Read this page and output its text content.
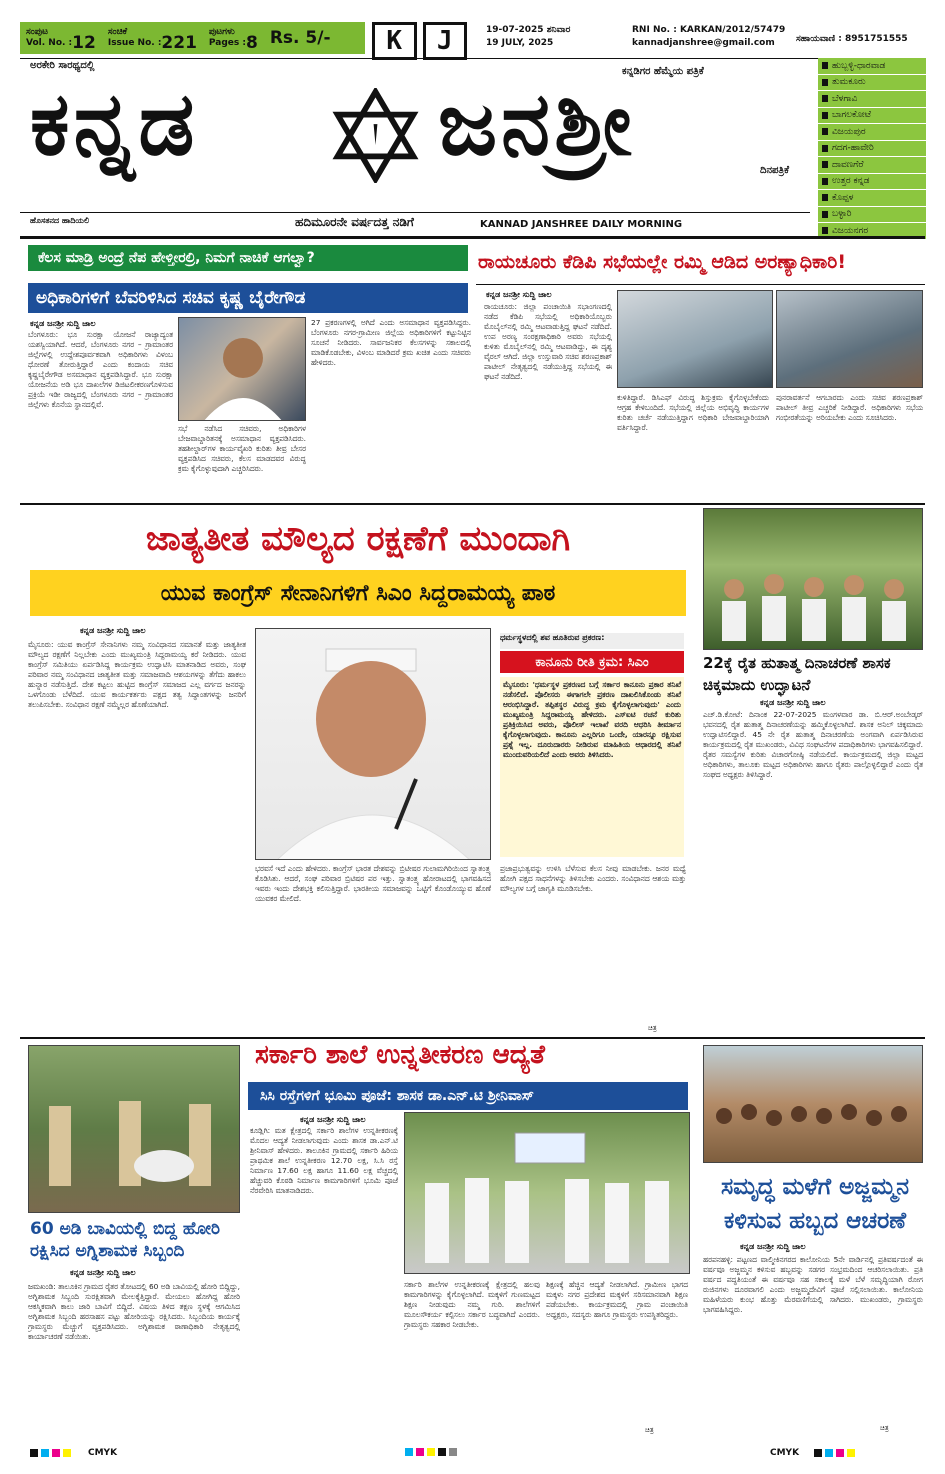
ಸಂಪುಟ
Vol. No. : 12
ಸಂಚಿಕೆ
Issue No. : 221
ಪುಟಗಳು
Pages : 8 Rs. 5/-	K	J	19-07-2025 ಶನಿವಾರ
19 JULY, 2025
RNI No. : KARKAN/2012/57479
kannadjanshree@gmail.com	ಸಹಾಯವಾಣಿ : 8951751555
ಅರಕೇರಿ ಸಾರಥ್ಯದಲ್ಲಿ
ಕನ್ನಡಿಗರ ಹೆಮ್ಮೆಯ ಪತ್ರಿಕೆ
ಕನ್ನಡ	ಜನಶ್ರೀ	ದಿನಪತ್ರಿಕೆ
ಹುಬ್ಬಳ್ಳಿ-ಧಾರವಾಡ
ತುಮಕೂರು
ಬೆಳಗಾವಿ
ಬಾಗಲಕೋಟೆ
ವಿಜಯಪುರ
ಗದಗ-ಹಾವೇರಿ
ದಾವಣಗೆರೆ
ಉತ್ತರ ಕನ್ನಡ
ಕೊಪ್ಪಳ
ಬಳ್ಳಾರಿ
ವಿಜಯನಗರ
ಹೊಸತನದ ಹಾದಿಯಲಿ	ಹದಿಮೂರನೇ ವರ್ಷದತ್ತ ನಡಿಗೆ	KANNAD JANSHREE DAILY MORNING
ಕೆಲಸ ಮಾಡ್ರಿ ಅಂದ್ರೆ ನೆಪ ಹೇಳ್ತೀರಲ್ರಿ, ನಿಮಗೆ ನಾಚಿಕೆ ಆಗಲ್ವಾ?
ಅಧಿಕಾರಿಗಳಿಗೆ ಬೆವರಿಳಿಸಿದ ಸಚಿವ ಕೃಷ್ಣ ಬೈರೇಗೌಡ
ಕನ್ನಡ ಜನಶ್ರೀ ಸುದ್ದಿ ಜಾಲ
ಬೆಂಗಳೂರು: ಭೂ ಸುರಕ್ಷಾ ಯೋಜನೆ ರಾಜ್ಯಾದ್ಯಂತ ಯಶಸ್ವಿಯಾಗಿದೆ. ಆದರೆ, ಬೆಂಗಳೂರು ನಗರ – ಗ್ರಾಮಾಂತರ ಜಿಲ್ಲೆಗಳಲ್ಲಿ ಉದ್ದೇಶಪೂರ್ವಕವಾಗಿ ಅಧಿಕಾರಿಗಳು ವಿಳಂಬ ಧೋರಣೆ ತೋರುತ್ತಿದ್ದಾರೆ ಎಂದು ಕಂದಾಯ ಸಚಿವ ಕೃಷ್ಣಬೈರೇಗೌಡ ಅಸಮಾಧಾನ ವ್ಯಕ್ತಪಡಿಸಿದ್ದಾರೆ. ಭೂ ಸುರಕ್ಷಾ ಯೋಜನೆಯ ಅಡಿ ಭೂ ದಾಖಲೆಗಳ ಡಿಜಿಟಲೀಕರಣಗೊಳಿಸುವ ಪ್ರಕ್ರಿಯೆ ಇಡೀ ರಾಜ್ಯದಲ್ಲಿ ಬೆಂಗಳೂರು ನಗರ – ಗ್ರಾಮಾಂತರ ಜಿಲ್ಲೆಗಳು ಕೊನೆಯ ಸ್ಥಾನದಲ್ಲಿವೆ.
ಸಭೆ ನಡೆಸಿದ ಸಚಿವರು, ಅಧಿಕಾರಿಗಳ ಬೇಜವಾಬ್ದಾರಿತನಕ್ಕೆ ಅಸಮಾಧಾನ ವ್ಯಕ್ತಪಡಿಸಿದರು. ತಹಶೀಲ್ದಾರ್‌ಗಳ ಕಾರ್ಯವೈಖರಿ ಕುರಿತು ತೀವ್ರ ಬೇಸರ ವ್ಯಕ್ತಪಡಿಸಿದ ಸಚಿವರು, ಕೆಲಸ ಮಾಡದವರ ವಿರುದ್ಧ ಕ್ರಮ ಕೈಗೊಳ್ಳುವುದಾಗಿ ಎಚ್ಚರಿಸಿದರು.
27 ಪ್ರಕರಣಗಳಲ್ಲಿ ಅಗಿದೆ ಎಂದು ಅಸಮಾಧಾನ ವ್ಯಕ್ತಪಡಿಸಿದ್ದರು. ಬೆಂಗಳೂರು ನಗರ-ಗ್ರಾಮೀಣ ಜಿಲ್ಲೆಯ ಅಧಿಕಾರಿಗಳಿಗೆ ಕಟ್ಟುನಿಟ್ಟಿನ ಸೂಚನೆ ನೀಡಿದರು. ಸಾರ್ವಜನಿಕರ ಕೆಲಸಗಳನ್ನು ಸಕಾಲದಲ್ಲಿ ಮಾಡಿಕೊಡಬೇಕು, ವಿಳಂಬ ಮಾಡಿದರೆ ಕ್ರಮ ಖಚಿತ ಎಂದು ಸಚಿವರು ಹೇಳಿದರು.
ರಾಯಚೂರು ಕೆಡಿಪಿ ಸಭೆಯಲ್ಲೇ ರಮ್ಮಿ ಆಡಿದ ಅರಣ್ಯಾಧಿಕಾರಿ!
ಕನ್ನಡ ಜನಶ್ರೀ ಸುದ್ದಿ ಜಾಲ
ರಾಯಚೂರು: ಜಿಲ್ಲಾ ಪಂಚಾಯಿತಿ ಸಭಾಂಗಣದಲ್ಲಿ ನಡೆದ ಕೆಡಿಪಿ ಸಭೆಯಲ್ಲಿ ಅಧಿಕಾರಿಯೊಬ್ಬರು ಮೊಬೈಲ್‌ನಲ್ಲಿ ರಮ್ಮಿ ಆಟವಾಡುತ್ತಿದ್ದ ಘಟನೆ ನಡೆದಿದೆ. ಉಪ ಅರಣ್ಯ ಸಂರಕ್ಷಣಾಧಿಕಾರಿ ಅವರು ಸಭೆಯಲ್ಲಿ ಕುಳಿತು ಮೊಬೈಲ್‌ನಲ್ಲಿ ರಮ್ಮಿ ಆಟವಾಡಿದ್ದು, ಈ ದೃಶ್ಯ ವೈರಲ್ ಆಗಿದೆ. ಜಿಲ್ಲಾ ಉಸ್ತುವಾರಿ ಸಚಿವ ಶರಣಪ್ರಕಾಶ್ ಪಾಟೀಲ್ ನೇತೃತ್ವದಲ್ಲಿ ನಡೆಯುತ್ತಿದ್ದ ಸಭೆಯಲ್ಲಿ ಈ ಘಟನೆ ನಡೆದಿದೆ.
ಕುಳಿತಿದ್ದಾರೆ. ಡಿಸಿಎಫ್ ವಿರುದ್ಧ ಶಿಸ್ತುಕ್ರಮ ಕೈಗೊಳ್ಳಬೇಕೆಂದು ಆಗ್ರಹ ಕೇಳಿಬಂದಿದೆ. ಸಭೆಯಲ್ಲಿ ಜಿಲ್ಲೆಯ ಅಭಿವೃದ್ಧಿ ಕಾರ್ಯಗಳ ಕುರಿತು ಚರ್ಚೆ ನಡೆಯುತ್ತಿದ್ದಾಗ ಅಧಿಕಾರಿ ಬೇಜವಾಬ್ದಾರಿಯಾಗಿ ವರ್ತಿಸಿದ್ದಾರೆ.
ಪುನರಾವರ್ತನೆ ಆಗಬಾರದು ಎಂದು ಸಚಿವ ಶರಣಪ್ರಕಾಶ್ ಪಾಟೀಲ್ ತೀವ್ರ ಎಚ್ಚರಿಕೆ ನೀಡಿದ್ದಾರೆ. ಅಧಿಕಾರಿಗಳು ಸಭೆಯ ಗಂಭೀರತೆಯನ್ನು ಅರಿಯಬೇಕು ಎಂದು ಸೂಚಿಸಿದರು.
ಜಾತ್ಯತೀತ ಮೌಲ್ಯದ ರಕ್ಷಣೆಗೆ ಮುಂದಾಗಿ
ಯುವ ಕಾಂಗ್ರೆಸ್ ಸೇನಾನಿಗಳಿಗೆ ಸಿಎಂ ಸಿದ್ದರಾಮಯ್ಯ ಪಾಠ
ಕನ್ನಡ ಜನಶ್ರೀ ಸುದ್ದಿ ಜಾಲ
ಮೈಸೂರು: ಯುವ ಕಾಂಗ್ರೆಸ್ ಸೇನಾನಿಗಳು ನಮ್ಮ ಸಂವಿಧಾನದ ಸಮಾನತೆ ಮತ್ತು ಜಾತ್ಯತೀತ ಮೌಲ್ಯದ ರಕ್ಷಣೆಗೆ ನಿಲ್ಲಬೇಕು ಎಂದು ಮುಖ್ಯಮಂತ್ರಿ ಸಿದ್ದರಾಮಯ್ಯ ಕರೆ ನೀಡಿದರು. ಯುವ ಕಾಂಗ್ರೆಸ್ ಸಮಿತಿಯು ಏರ್ಪಡಿಸಿದ್ದ ಕಾರ್ಯಕ್ರಮ ಉದ್ಘಾಟಿಸಿ ಮಾತನಾಡಿದ ಅವರು, ಸಂಘ ಪರಿವಾರ ನಮ್ಮ ಸಂವಿಧಾನದ ಜಾತ್ಯತೀತ ಮತ್ತು ಸಮಾಜವಾದಿ ಆಶಯಗಳನ್ನು ತೆಗೆದು ಹಾಕಲು ಹುನ್ನಾರ ನಡೆಸುತ್ತಿದೆ. ದೇಶ ಕಟ್ಟಲು ಹುಟ್ಟಿದ ಕಾಂಗ್ರೆಸ್ ಸಮಾಜದ ಎಲ್ಲ ವರ್ಗದ ಜನರನ್ನು ಒಳಗೊಂಡು ಬೆಳೆದಿದೆ. ಯುವ ಕಾರ್ಯಕರ್ತರು ಪಕ್ಷದ ತತ್ವ ಸಿದ್ಧಾಂತಗಳನ್ನು ಜನರಿಗೆ ತಲುಪಿಸಬೇಕು. ಸಂವಿಧಾನ ರಕ್ಷಣೆ ನಮ್ಮೆಲ್ಲರ ಹೊಣೆಯಾಗಿದೆ.
ಭರವಸೆ ಇದೆ ಎಂದು ಹೇಳಿದರು. ಕಾಂಗ್ರೆಸ್ ಭಾರತ ದೇಶವನ್ನು ಬ್ರಿಟೀಷರ ಗುಲಾಮಗಿರಿಯಿಂದ ಸ್ವಾತಂತ್ರ್ಯ ಕೊಡಿಸಿತು. ಆದರೆ, ಸಂಘ ಪರಿವಾರ ಬ್ರಿಟಿಷರ ಪರ ಇತ್ತು. ಸ್ವಾತಂತ್ರ್ಯ ಹೋರಾಟದಲ್ಲಿ ಭಾಗವಹಿಸದ ಇವರು ಇಂದು ದೇಶಭಕ್ತಿ ಕಲಿಸುತ್ತಿದ್ದಾರೆ. ಭಾರತೀಯ ಸಮಾಜವನ್ನು ಒಟ್ಟಿಗೆ ಕೊಂಡೊಯ್ಯುವ ಹೊಣೆ ಯುವಕರ ಮೇಲಿದೆ.
ಧರ್ಮಸ್ಥಳದಲ್ಲಿ ಶವ ಹೂತಿರುವ ಪ್ರಕರಣ:
ಕಾನೂನು ರೀತಿ ಕ್ರಮ: ಸಿಎಂ
ಮೈಸೂರು: 'ಧರ್ಮಸ್ಥಳ ಪ್ರಕರಣದ ಬಗ್ಗೆ ಸರ್ಕಾರ ಕಾನೂನು ಪ್ರಕಾರ ತನಿಖೆ ನಡೆಸಲಿದೆ. ಪೊಲೀಸರು ಈಗಾಗಲೇ ಪ್ರಕರಣ ದಾಖಲಿಸಿಕೊಂಡು ತನಿಖೆ ಆರಂಭಿಸಿದ್ದಾರೆ. ತಪ್ಪಿತಸ್ಥರ ವಿರುದ್ಧ ಕ್ರಮ ಕೈಗೊಳ್ಳಲಾಗುವುದು' ಎಂದು ಮುಖ್ಯಮಂತ್ರಿ ಸಿದ್ದರಾಮಯ್ಯ ಹೇಳಿದರು. ಎಸ್‌ಐಟಿ ರಚನೆ ಕುರಿತು ಪ್ರತಿಕ್ರಿಯಿಸಿದ ಅವರು, ಪೊಲೀಸ್ ಇಲಾಖೆ ವರದಿ ಆಧರಿಸಿ ತೀರ್ಮಾನ ಕೈಗೊಳ್ಳಲಾಗುವುದು. ಕಾನೂನು ಎಲ್ಲರಿಗೂ ಒಂದೇ, ಯಾರನ್ನೂ ರಕ್ಷಿಸುವ ಪ್ರಶ್ನೆ ಇಲ್ಲ. ದೂರುದಾರರು ನೀಡಿರುವ ಮಾಹಿತಿಯ ಆಧಾರದಲ್ಲಿ ತನಿಖೆ ಮುಂದುವರಿಯಲಿದೆ ಎಂದು ಅವರು ತಿಳಿಸಿದರು.
ಪ್ರಜಾಪ್ರಭುತ್ವವನ್ನು ಉಳಿಸಿ ಬೆಳೆಸುವ ಕೆಲಸ ನೀವು ಮಾಡಬೇಕು. ಜನರ ಮಧ್ಯೆ ಹೋಗಿ ಪಕ್ಷದ ಸಾಧನೆಗಳನ್ನು ತಿಳಿಸಬೇಕು ಎಂದರು. ಸಂವಿಧಾನದ ಆಶಯ ಮತ್ತು ಮೌಲ್ಯಗಳ ಬಗ್ಗೆ ಜಾಗೃತಿ ಮೂಡಿಸಬೇಕು.
ಚಿತ್ರ
22ಕ್ಕೆ ರೈತ ಹುತಾತ್ಮ ದಿನಾಚರಣೆ ಶಾಸಕ ಚಿಕ್ಕಮಾದು ಉದ್ಘಾಟನೆ
ಕನ್ನಡ ಜನಶ್ರೀ ಸುದ್ದಿ ಜಾಲ
ಎಚ್.ಡಿ.ಕೋಟೆ: ದಿನಾಂಕ 22-07-2025 ಮಂಗಳವಾರ ಡಾ. ಬಿ.ಆರ್.ಅಂಬೇಡ್ಕರ್ ಭವನದಲ್ಲಿ ರೈತ ಹುತಾತ್ಮ ದಿನಾಚರಣೆಯನ್ನು ಹಮ್ಮಿಕೊಳ್ಳಲಾಗಿದೆ. ಶಾಸಕ ಅನಿಲ್ ಚಿಕ್ಕಮಾದು ಉದ್ಘಾಟಿಸಲಿದ್ದಾರೆ. 45 ನೇ ರೈತ ಹುತಾತ್ಮ ದಿನಾಚರಣೆಯ ಅಂಗವಾಗಿ ಏರ್ಪಡಿಸಿರುವ ಕಾರ್ಯಕ್ರಮದಲ್ಲಿ ರೈತ ಮುಖಂಡರು, ವಿವಿಧ ಸಂಘಟನೆಗಳ ಪದಾಧಿಕಾರಿಗಳು ಭಾಗವಹಿಸಲಿದ್ದಾರೆ. ರೈತರ ಸಮಸ್ಯೆಗಳ ಕುರಿತು ವಿಚಾರಗೋಷ್ಠಿ ನಡೆಯಲಿದೆ. ಕಾರ್ಯಕ್ರಮದಲ್ಲಿ ಜಿಲ್ಲಾ ಮಟ್ಟದ ಅಧಿಕಾರಿಗಳು, ತಾಲೂಕು ಮಟ್ಟದ ಅಧಿಕಾರಿಗಳು ಹಾಗೂ ರೈತರು ಪಾಲ್ಗೊಳ್ಳಲಿದ್ದಾರೆ ಎಂದು ರೈತ ಸಂಘದ ಅಧ್ಯಕ್ಷರು ತಿಳಿಸಿದ್ದಾರೆ.
60 ಅಡಿ ಬಾವಿಯಲ್ಲಿ ಬಿದ್ದ ಹೋರಿ ರಕ್ಷಿಸಿದ ಅಗ್ನಿಶಾಮಕ ಸಿಬ್ಬಂದಿ
ಕನ್ನಡ ಜನಶ್ರೀ ಸುದ್ದಿ ಜಾಲ
ಜಮಖಂಡಿ: ತಾಲೂಕಿನ ಗ್ರಾಮದ ರೈತರ ತೋಟದಲ್ಲಿ 60 ಅಡಿ ಬಾವಿಯಲ್ಲಿ ಹೋರಿ ಬಿದ್ದಿದ್ದು, ಅಗ್ನಿಶಾಮಕ ಸಿಬ್ಬಂದಿ ಸುರಕ್ಷಿತವಾಗಿ ಮೇಲಕ್ಕೆತ್ತಿದ್ದಾರೆ. ಮೇಯಲು ಹೋಗಿದ್ದ ಹೋರಿ ಆಕಸ್ಮಿಕವಾಗಿ ಕಾಲು ಜಾರಿ ಬಾವಿಗೆ ಬಿದ್ದಿದೆ. ವಿಷಯ ತಿಳಿದ ತಕ್ಷಣ ಸ್ಥಳಕ್ಕೆ ಆಗಮಿಸಿದ ಅಗ್ನಿಶಾಮಕ ಸಿಬ್ಬಂದಿ ಹರಸಾಹಸ ಪಟ್ಟು ಹೋರಿಯನ್ನು ರಕ್ಷಿಸಿದರು. ಸಿಬ್ಬಂದಿಯ ಕಾರ್ಯಕ್ಕೆ ಗ್ರಾಮಸ್ಥರು ಮೆಚ್ಚುಗೆ ವ್ಯಕ್ತಪಡಿಸಿದರು. ಅಗ್ನಿಶಾಮಕ ಠಾಣಾಧಿಕಾರಿ ನೇತೃತ್ವದಲ್ಲಿ ಕಾರ್ಯಾಚರಣೆ ನಡೆಯಿತು.
ಸರ್ಕಾರಿ ಶಾಲೆ ಉನ್ನತೀಕರಣ ಆದ್ಯತೆ
ಸಿಸಿ ರಸ್ತೆಗಳಿಗೆ ಭೂಮಿ ಪೂಜೆ: ಶಾಸಕ ಡಾ.ಎನ್.ಟಿ ಶ್ರೀನಿವಾಸ್
ಕನ್ನಡ ಜನಶ್ರೀ ಸುದ್ದಿ ಜಾಲ
ಕೂಡ್ಲಿಗಿ: ಮತ ಕ್ಷೇತ್ರದಲ್ಲಿ ಸರ್ಕಾರಿ ಶಾಲೆಗಳ ಉನ್ನತೀಕರಣಕ್ಕೆ ಮೊದಲ ಆದ್ಯತೆ ನೀಡಲಾಗುವುದು ಎಂದು ಶಾಸಕ ಡಾ.ಎನ್.ಟಿ ಶ್ರೀನಿವಾಸ್ ಹೇಳಿದರು. ತಾಲೂಕಿನ ಗ್ರಾಮದಲ್ಲಿ ಸರ್ಕಾರಿ ಹಿರಿಯ ಪ್ರಾಥಮಿಕ ಶಾಲೆ ಉನ್ನತೀಕರಣ 12.70 ಲಕ್ಷ, ಸಿ.ಸಿ ರಸ್ತೆ ನಿರ್ಮಾಣ 17.60 ಲಕ್ಷ ಹಾಗೂ 11.60 ಲಕ್ಷ ವೆಚ್ಚದಲ್ಲಿ ಹೆಚ್ಚುವರಿ ಕೊಠಡಿ ನಿರ್ಮಾಣ ಕಾಮಗಾರಿಗಳಿಗೆ ಭೂಮಿ ಪೂಜೆ ನೆರವೇರಿಸಿ ಮಾತನಾಡಿದರು.
ಸರ್ಕಾರಿ ಶಾಲೆಗಳ ಉನ್ನತೀಕರಣಕ್ಕೆ ಕ್ಷೇತ್ರದಲ್ಲಿ ಹಲವು ಕಾಮಗಾರಿಗಳನ್ನು ಕೈಗೊಳ್ಳಲಾಗಿದೆ. ಮಕ್ಕಳಿಗೆ ಗುಣಮಟ್ಟದ ಶಿಕ್ಷಣ ನೀಡುವುದು ನಮ್ಮ ಗುರಿ. ಶಾಲೆಗಳಿಗೆ ಮೂಲಸೌಕರ್ಯ ಕಲ್ಪಿಸಲು ಸರ್ಕಾರ ಬದ್ಧವಾಗಿದೆ ಎಂದರು. ಗ್ರಾಮಸ್ಥರು ಸಹಕಾರ ನೀಡಬೇಕು.
ಶಿಕ್ಷಣಕ್ಕೆ ಹೆಚ್ಚಿನ ಆದ್ಯತೆ ನೀಡಲಾಗಿದೆ. ಗ್ರಾಮೀಣ ಭಾಗದ ಮಕ್ಕಳು ನಗರ ಪ್ರದೇಶದ ಮಕ್ಕಳಿಗೆ ಸರಿಸಮಾನವಾಗಿ ಶಿಕ್ಷಣ ಪಡೆಯಬೇಕು. ಕಾರ್ಯಕ್ರಮದಲ್ಲಿ ಗ್ರಾಮ ಪಂಚಾಯಿತಿ ಅಧ್ಯಕ್ಷರು, ಸದಸ್ಯರು ಹಾಗೂ ಗ್ರಾಮಸ್ಥರು ಉಪಸ್ಥಿತರಿದ್ದರು.
ಚಿತ್ರ
ಸಮೃದ್ಧ ಮಳೆಗೆ ಅಜ್ಜಮ್ಮನ ಕಳಿಸುವ ಹಬ್ಬದ ಆಚರಣೆ
ಕನ್ನಡ ಜನಶ್ರೀ ಸುದ್ದಿ ಜಾಲ
ಹರಪನಹಳ್ಳಿ: ಪಟ್ಟಣದ ವಾಲ್ಮೀಕಿನಗರದ ಕಾಲೋನಿಯ 5ನೇ ವಾರ್ಡಿನಲ್ಲಿ ಪ್ರತಿವರ್ಷದಂತೆ ಈ ವರ್ಷವೂ ಅಜ್ಜಮ್ಮನ ಕಳಿಸುವ ಹಬ್ಬವನ್ನು ಸಡಗರ ಸಂಭ್ರಮದಿಂದ ಆಚರಿಸಲಾಯಿತು. ಪ್ರತಿ ವರ್ಷದ ಪದ್ಧತಿಯಂತೆ ಈ ವರ್ಷವೂ ಸಹ ಸಕಾಲಕ್ಕೆ ಮಳೆ ಬೆಳೆ ಸಮೃದ್ಧಿಯಾಗಿ ರೋಗ ರುಜಿನಗಳು ದೂರವಾಗಲಿ ಎಂದು ಅಜ್ಜಮ್ಮದೇವಿಗೆ ಪೂಜೆ ಸಲ್ಲಿಸಲಾಯಿತು. ಕಾಲೋನಿಯ ಮಹಿಳೆಯರು ಕುಂಭ ಹೊತ್ತು ಮೆರವಣಿಗೆಯಲ್ಲಿ ಸಾಗಿದರು. ಮುಖಂಡರು, ಗ್ರಾಮಸ್ಥರು ಭಾಗವಹಿಸಿದ್ದರು.
ಚಿತ್ರ
CMYK	CMYK
